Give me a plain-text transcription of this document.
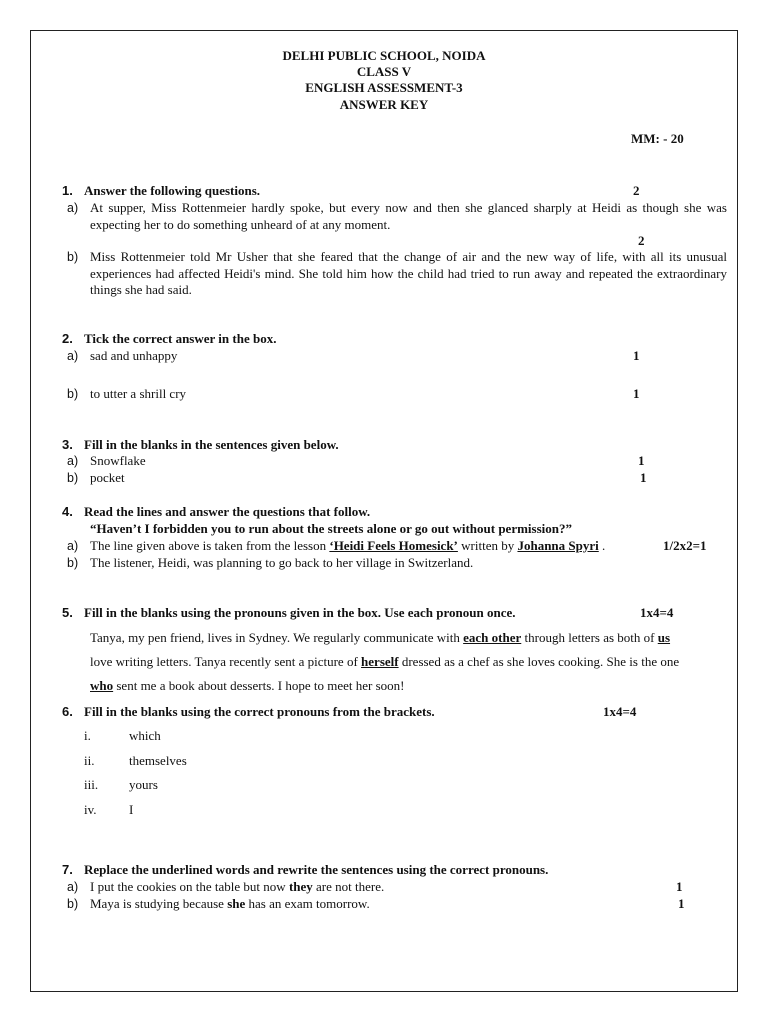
DELHI PUBLIC SCHOOL, NOIDA
CLASS V
ENGLISH ASSESSMENT-3
ANSWER KEY
MM: - 20
1. Answer the following questions.	2
a) At supper, Miss Rottenmeier hardly spoke, but every now and then she glanced sharply at Heidi as though she was expecting her to do something unheard of at any moment.
2
b) Miss Rottenmeier told Mr Usher that she feared that the change of air and the new way of life, with all its unusual experiences had affected Heidi's mind. She told him how the child had tried to run away and repeated the extraordinary things she had said.
2. Tick the correct answer in the box.
a) sad and unhappy	1
b) to utter a shrill cry	1
3. Fill in the blanks in the sentences given below.
a) Snowflake	1
b) pocket	1
4. Read the lines and answer the questions that follow.
“Haven’t I forbidden you to run about the streets alone or go out without permission?”
a) The line given above is taken from the lesson ‘Heidi Feels Homesick’ written by Johanna Spyri .	1/2x2=1
b) The listener, Heidi, was planning to go back to her village in Switzerland.
5. Fill in the blanks using the pronouns given in the box. Use each pronoun once.	1x4=4
Tanya, my pen friend, lives in Sydney. We regularly communicate with each other through letters as both of us
love writing letters. Tanya recently sent a picture of herself dressed as a chef as she loves cooking. She is the one
who sent me a book about desserts. I hope to meet her soon!
6. Fill in the blanks using the correct pronouns from the brackets.	1x4=4
i.	which
ii.	themselves
iii. yours
iv. I
7. Replace the underlined words and rewrite the sentences using the correct pronouns.
a) I put the cookies on the table but now they are not there.	1
b) Maya is studying because she has an exam tomorrow.	1
